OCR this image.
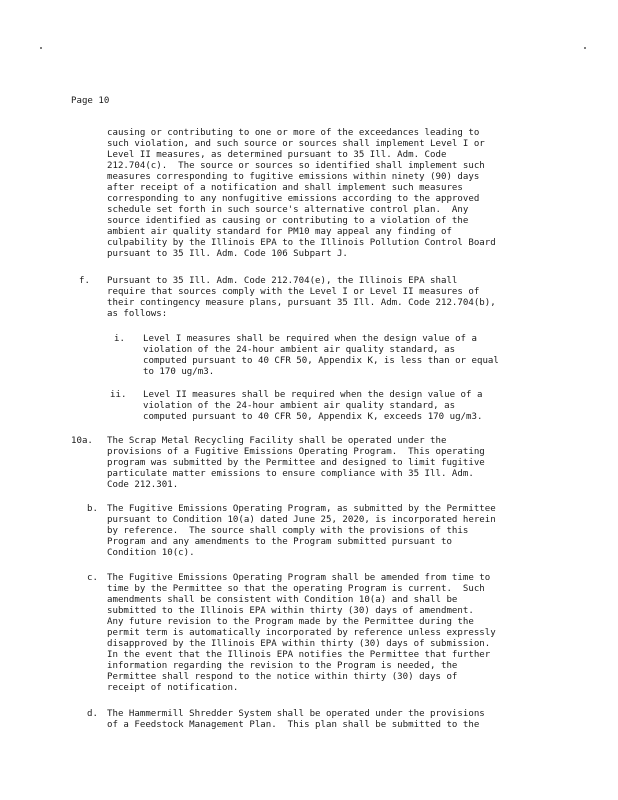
Page 10
causing or contributing to one or more of the exceedances leading to
such violation, and such source or sources shall implement Level I or
Level II measures, as determined pursuant to 35 Ill. Adm. Code
212.704(c).  The source or sources so identified shall implement such
measures corresponding to fugitive emissions within ninety (90) days
after receipt of a notification and shall implement such measures
corresponding to any nonfugitive emissions according to the approved
schedule set forth in such source's alternative control plan.  Any
source identified as causing or contributing to a violation of the
ambient air quality standard for PM10 may appeal any finding of
culpability by the Illinois EPA to the Illinois Pollution Control Board
pursuant to 35 Ill. Adm. Code 106 Subpart J.
f. Pursuant to 35 Ill. Adm. Code 212.704(e), the Illinois EPA shall
require that sources comply with the Level I or Level II measures of
their contingency measure plans, pursuant 35 Ill. Adm. Code 212.704(b),
as follows:
i. Level I measures shall be required when the design value of a
violation of the 24-hour ambient air quality standard, as
computed pursuant to 40 CFR 50, Appendix K, is less than or equal
to 170 ug/m3.
ii. Level II measures shall be required when the design value of a
violation of the 24-hour ambient air quality standard, as
computed pursuant to 40 CFR 50, Appendix K, exceeds 170 ug/m3.
10a. The Scrap Metal Recycling Facility shall be operated under the
provisions of a Fugitive Emissions Operating Program.  This operating
program was submitted by the Permittee and designed to limit fugitive
particulate matter emissions to ensure compliance with 35 Ill. Adm.
Code 212.301.
b. The Fugitive Emissions Operating Program, as submitted by the Permittee
pursuant to Condition 10(a) dated June 25, 2020, is incorporated herein
by reference.  The source shall comply with the provisions of this
Program and any amendments to the Program submitted pursuant to
Condition 10(c).
c. The Fugitive Emissions Operating Program shall be amended from time to
time by the Permittee so that the operating Program is current.  Such
amendments shall be consistent with Condition 10(a) and shall be
submitted to the Illinois EPA within thirty (30) days of amendment.
Any future revision to the Program made by the Permittee during the
permit term is automatically incorporated by reference unless expressly
disapproved by the Illinois EPA within thirty (30) days of submission.
In the event that the Illinois EPA notifies the Permittee that further
information regarding the revision to the Program is needed, the
Permittee shall respond to the notice within thirty (30) days of
receipt of notification.
d. The Hammermill Shredder System shall be operated under the provisions
of a Feedstock Management Plan.  This plan shall be submitted to the
